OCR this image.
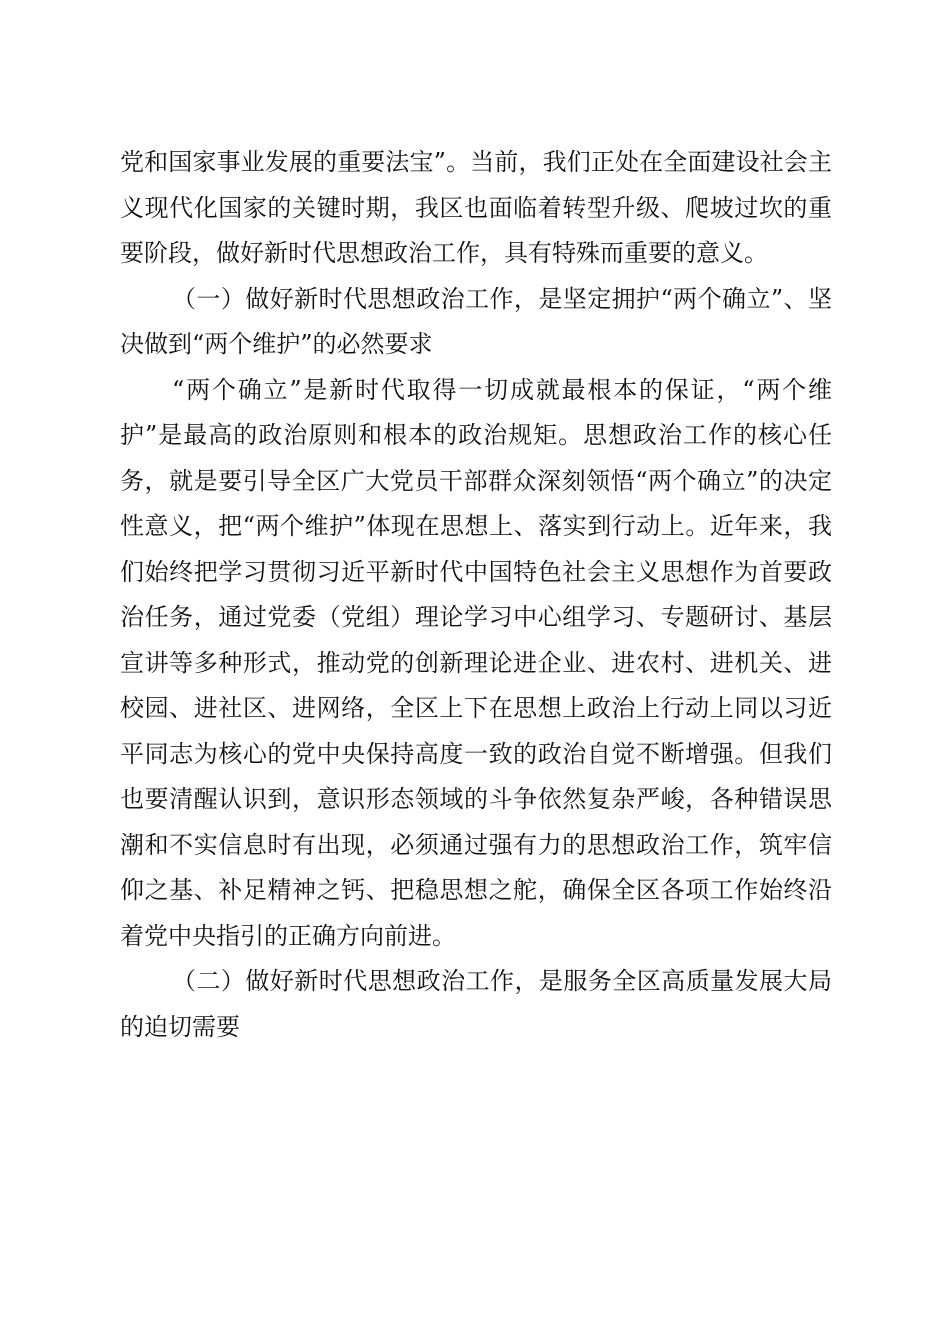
党和国家事业发展的重要法宝”。当前，我们正处在全面建设社会主义现代化国家的关键时期，我区也面临着转型升级、爬坡过坎的重要阶段，做好新时代思想政治工作，具有特殊而重要的意义。

（一）做好新时代思想政治工作，是坚定拥护“两个确立”、坚决做到“两个维护”的必然要求

“两个确立”是新时代取得一切成就最根本的保证，“两个维护”是最高的政治原则和根本的政治规矩。思想政治工作的核心任务，就是要引导全区广大党员干部群众深刻领悟“两个确立”的决定性意义，把“两个维护”体现在思想上、落实到行动上。近年来，我们始终把学习贯彻习近平新时代中国特色社会主义思想作为首要政治任务，通过党委（党组）理论学习中心组学习、专题研讨、基层宣讲等多种形式，推动党的创新理论进企业、进农村、进机关、进校园、进社区、进网络，全区上下在思想上政治上行动上同以习近平同志为核心的党中央保持高度一致的政治自觉不断增强。但我们也要清醒认识到，意识形态领域的斗争依然复杂严峻，各种错误思潮和不实信息时有出现，必须通过强有力的思想政治工作，筑牢信仰之基、补足精神之钙、把稳思想之舵，确保全区各项工作始终沿着党中央指引的正确方向前进。

（二）做好新时代思想政治工作，是服务全区高质量发展大局的迫切需要
